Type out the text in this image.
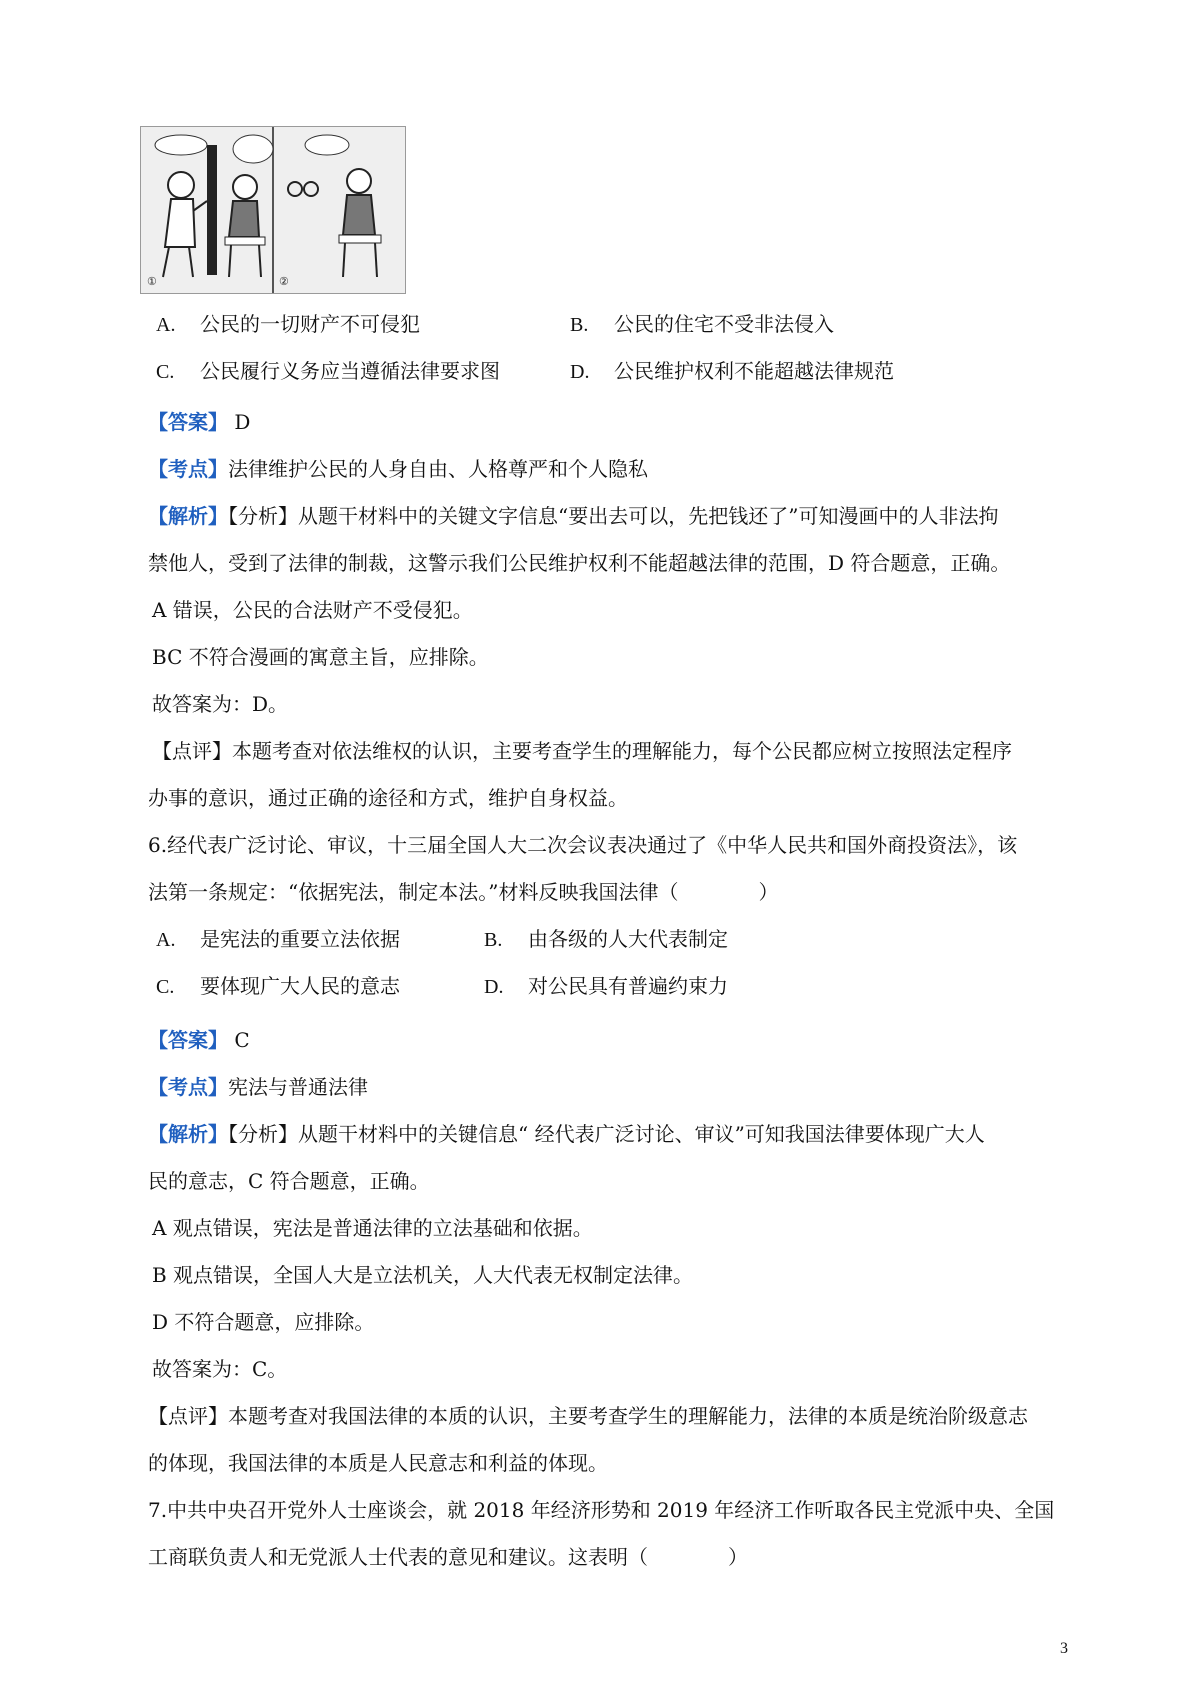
①	②
A. 公民的一切财产不可侵犯	B. 公民的住宅不受非法侵入
C. 公民履行义务应当遵循法律要求图	D. 公民维护权利不能超越法律规范
【答案】 D
【考点】法律维护公民的人身自由、人格尊严和个人隐私
【解析】【分析】从题干材料中的关键文字信息“要出去可以，先把钱还了”可知漫画中的人非法拘
禁他人，受到了法律的制裁，这警示我们公民维护权利不能超越法律的范围，D 符合题意，正确。
A 错误，公民的合法财产不受侵犯。
BC 不符合漫画的寓意主旨，应排除。
故答案为：D。
【点评】本题考查对依法维权的认识，主要考查学生的理解能力，每个公民都应树立按照法定程序
办事的意识，通过正确的途径和方式，维护自身权益。
6.经代表广泛讨论、审议，十三届全国人大二次会议表决通过了《中华人民共和国外商投资法》，该
法第一条规定：“依据宪法，制定本法。”材料反映我国法律（　　　　）
A. 是宪法的重要立法依据	B. 由各级的人大代表制定
C. 要体现广大人民的意志	D. 对公民具有普遍约束力
【答案】 C
【考点】宪法与普通法律
【解析】【分析】从题干材料中的关键信息“ 经代表广泛讨论、审议”可知我国法律要体现广大人
民的意志，C 符合题意，正确。
A 观点错误，宪法是普通法律的立法基础和依据。
B 观点错误，全国人大是立法机关，人大代表无权制定法律。
D 不符合题意，应排除。
故答案为：C。
【点评】本题考查对我国法律的本质的认识，主要考查学生的理解能力，法律的本质是统治阶级意志
的体现，我国法律的本质是人民意志和利益的体现。
7.中共中央召开党外人士座谈会，就 2018 年经济形势和 2019 年经济工作听取各民主党派中央、全国
工商联负责人和无党派人士代表的意见和建议。这表明（　　　　）
3
